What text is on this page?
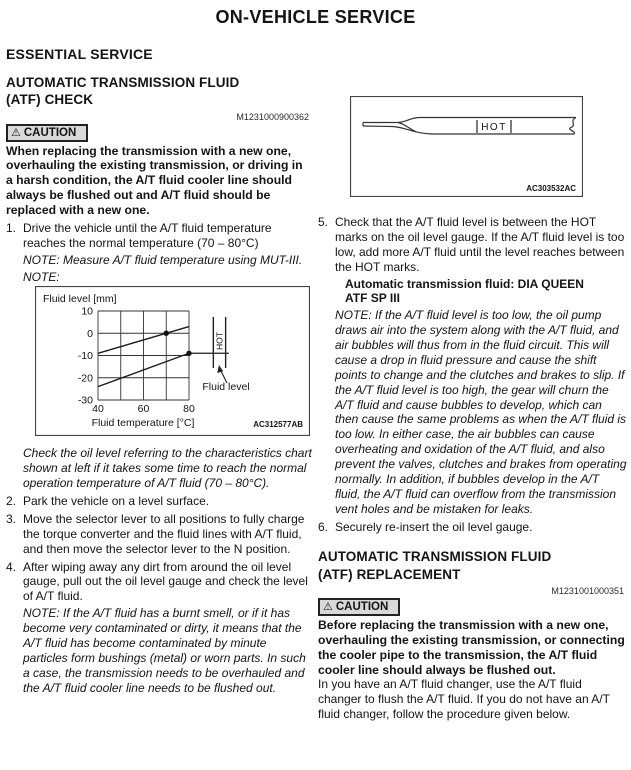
ON-VEHICLE SERVICE
ESSENTIAL SERVICE
AUTOMATIC TRANSMISSION FLUID
(ATF) CHECK
M1231000900362
⚠ CAUTION

When replacing the transmission with a new one, overhauling the existing transmission, or driving in a harsh condition, the A/T fluid cooler line should always be flushed out and A/T fluid should be replaced with a new one.

1. Drive the vehicle until the A/T fluid temperature reaches the normal temperature (70 – 80°C)

NOTE: Measure A/T fluid temperature using MUT-III.

NOTE:

Fluid level [mm]
Fluid temperature [°C]	AC312577AB
Fluid level
10
0
-10
-20
-30
40	60	80
HOT

Check the oil level referring to the characteristics chart shown at left if it takes some time to reach the normal operation temperature of A/T fluid (70 – 80°C).

2. Park the vehicle on a level surface.
3. Move the selector lever to all positions to fully charge the torque converter and the fluid lines with A/T fluid, and then move the selector lever to the N position.
4. After wiping away any dirt from around the oil level gauge, pull out the oil level gauge and check the level of A/T fluid.

NOTE: If the A/T fluid has a burnt smell, or if it has become very contaminated or dirty, it means that the A/T fluid has become contaminated by minute particles form bushings (metal) or worn parts. In such a case, the transmission needs to be overhauled and the A/T fluid cooler line needs to be flushed out.

HOT
AC303532AC
5. Check that the A/T fluid level is between the HOT marks on the oil level gauge. If the A/T fluid level is too low, add more A/T fluid until the level reaches between the HOT marks.

Automatic transmission fluid: DIA QUEEN

ATF SP III

NOTE: If the A/T fluid level is too low, the oil pump draws air into the system along with the A/T fluid, and air bubbles will thus from in the fluid circuit. This will cause a drop in fluid pressure and cause the shift points to change and the clutches and brakes to slip. If the A/T fluid level is too high, the gear will churn the A/T fluid and cause bubbles to develop, which can then cause the same problems as when the A/T fluid is too low. In either case, the air bubbles can cause overheating and oxidation of the A/T fluid, and also prevent the valves, clutches and brakes from operating normally. In addition, if bubbles develop in the A/T fluid, the A/T fluid can overflow from the transmission vent holes and be mistaken for leaks.

6. Securely re-insert the oil level gauge.
AUTOMATIC TRANSMISSION FLUID
(ATF) REPLACEMENT
M1231001000351
⚠ CAUTION

Before replacing the transmission with a new one, overhauling the existing transmission, or connecting the cooler pipe to the transmission, the A/T fluid cooler line should always be flushed out.

In you have an A/T fluid changer, use the A/T fluid changer to flush the A/T fluid. If you do not have an A/T fluid changer, follow the procedure given below.
